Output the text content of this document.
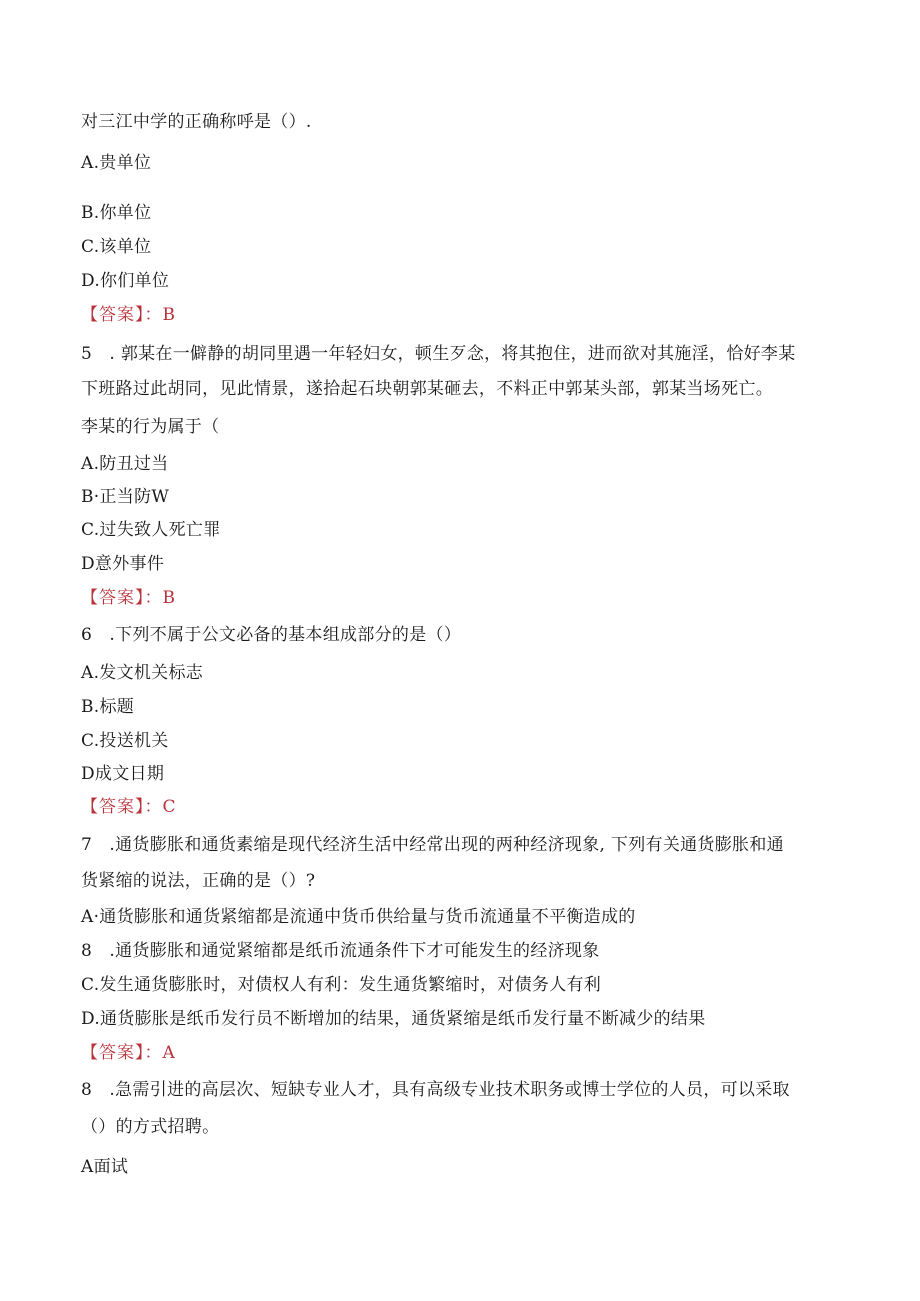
对三江中学的正确称呼是（）.
A.贵单位
B.你单位
C.该单位
D.你们单位
【答案】：B
5　. 郭某在一僻静的胡同里遇一年轻妇女，顿生歹念，将其抱住，进而欲对其施淫，恰好李某
下班路过此胡同，见此情景，遂拾起石块朝郭某砸去，不料正中郭某头部，郭某当场死亡。
李某的行为属于（
A.防丑过当
B·正当防W
C.过失致人死亡罪
D意外事件
【答案】：B
6　.下列不属于公文必备的基本组成部分的是（）
A.发文机关标志
B.标题
C.投送机关
D成文日期
【答案】：C
7　.通货膨胀和通货素缩是现代经济生活中经常出现的两种经济现象, 下列有关通货膨胀和通
货紧缩的说法，正确的是（）?
A·通货膨胀和通货紧缩都是流通中货币供给量与货币流通量不平衡造成的
8　.通货膨胀和通觉紧缩都是纸币流通条件下才可能发生的经济现象
C.发生通货膨胀时，对债权人有利：发生通货繁缩时，对债务人有利
D.通货膨胀是纸币发行员不断增加的结果，通货紧缩是纸币发行量不断减少的结果
【答案】：A
8　.急需引进的高层次、短缺专业人才，具有高级专业技术职务或博士学位的人员，可以采取
（）的方式招聘。
A面试
